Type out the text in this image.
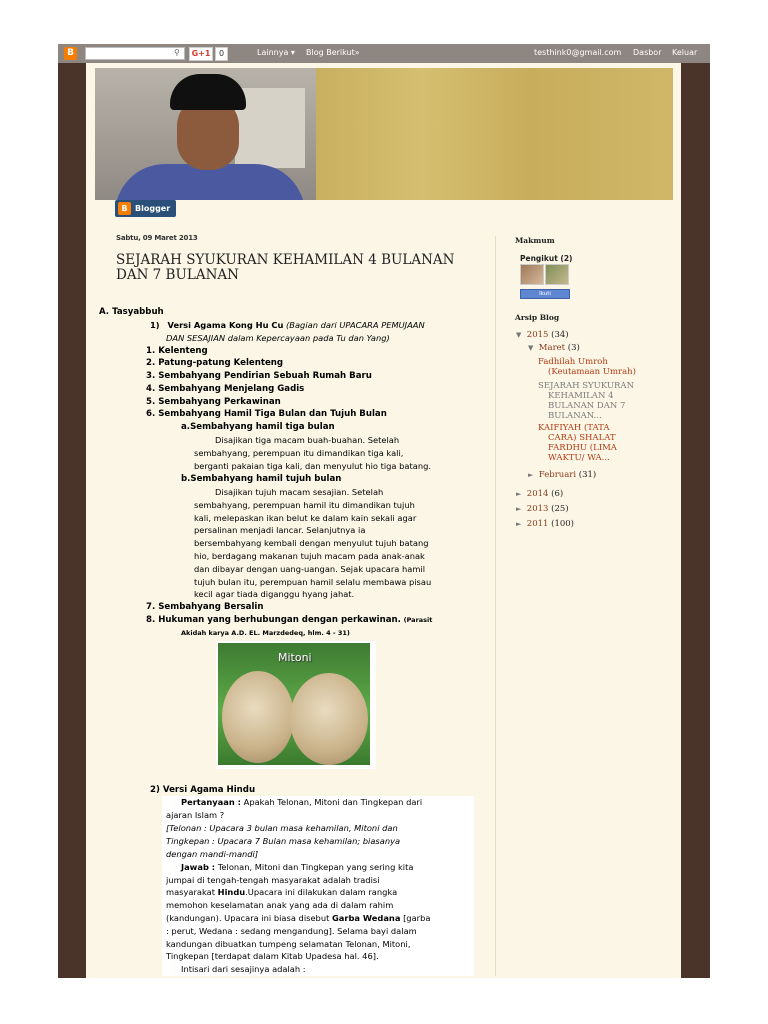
B	⚲	G+1	0	Lainnya ▾ Blog Berikut»	testhink0@gmail.com Dasbor Keluar
B Blogger
Sabtu, 09 Maret 2013
SEJARAH SYUKURAN KEHAMILAN 4 BULANAN DAN 7 BULANAN
A. Tasyabbuh
1) Versi Agama Kong Hu Cu (Bagian dari UPACARA PEMUJAAN
DAN SESAJIAN dalam Kepercayaan pada Tu dan Yang)
1. Kelenteng
2. Patung-patung Kelenteng
3. Sembahyang Pendirian Sebuah Rumah Baru
4. Sembahyang Menjelang Gadis
5. Sembahyang Perkawinan
6. Sembahyang Hamil Tiga Bulan dan Tujuh Bulan
a.Sembahyang hamil tiga bulan
Disajikan tiga macam buah-buahan. Setelah
sembahyang, perempuan itu dimandikan tiga kali,
berganti pakaian tiga kali, dan menyulut hio tiga batang.
b.Sembahyang hamil tujuh bulan
Disajikan tujuh macam sesajian. Setelah
sembahyang, perempuan hamil itu dimandikan tujuh
kali, melepaskan ikan belut ke dalam kain sekali agar
persalinan menjadi lancar. Selanjutnya ia
bersembahyang kembali dengan menyulut tujuh batang
hio, berdagang makanan tujuh macam pada anak-anak
dan dibayar dengan uang-uangan. Sejak upacara hamil
tujuh bulan itu, perempuan hamil selalu membawa pisau
kecil agar tiada diganggu hyang jahat.
7. Sembahyang Bersalin
8. Hukuman yang berhubungan dengan perkawinan. (Parasit
Akidah karya A.D. EL. Marzdedeq, hlm. 4 - 31)
Mitoni
2) Versi Agama Hindu
Pertanyaan : Apakah Telonan, Mitoni dan Tingkepan dari
ajaran Islam ?
[Telonan : Upacara 3 bulan masa kehamilan, Mitoni dan
Tingkepan : Upacara 7 Bulan masa kehamilan; biasanya
dengan mandi-mandi]
Jawab : Telonan, Mitoni dan Tingkepan yang sering kita
jumpai di tengah-tengah masyarakat adalah tradisi
masyarakat Hindu.Upacara ini dilakukan dalam rangka
memohon keselamatan anak yang ada di dalam rahim
(kandungan). Upacara ini biasa disebut Garba Wedana [garba
: perut, Wedana : sedang mengandung]. Selama bayi dalam
kandungan dibuatkan tumpeng selamatan Telonan, Mitoni,
Tingkepan [terdapat dalam Kitab Upadesa hal. 46].
Intisari dari sesajinya adalah :
Makmum
Pengikut (2)
Ikuti
Arsip Blog
▼ 2015 (34)
▼ Maret (3)
Fadhilah Umroh
(Keutamaan Umrah)
SEJARAH SYUKURAN
KEHAMILAN 4
BULANAN DAN 7
BULANAN...
KAIFIYAH (TATA
CARA) SHALAT
FARDHU (LIMA
WAKTU/ WA...
► Februari (31)
► 2014 (6)
► 2013 (25)
► 2011 (100)
